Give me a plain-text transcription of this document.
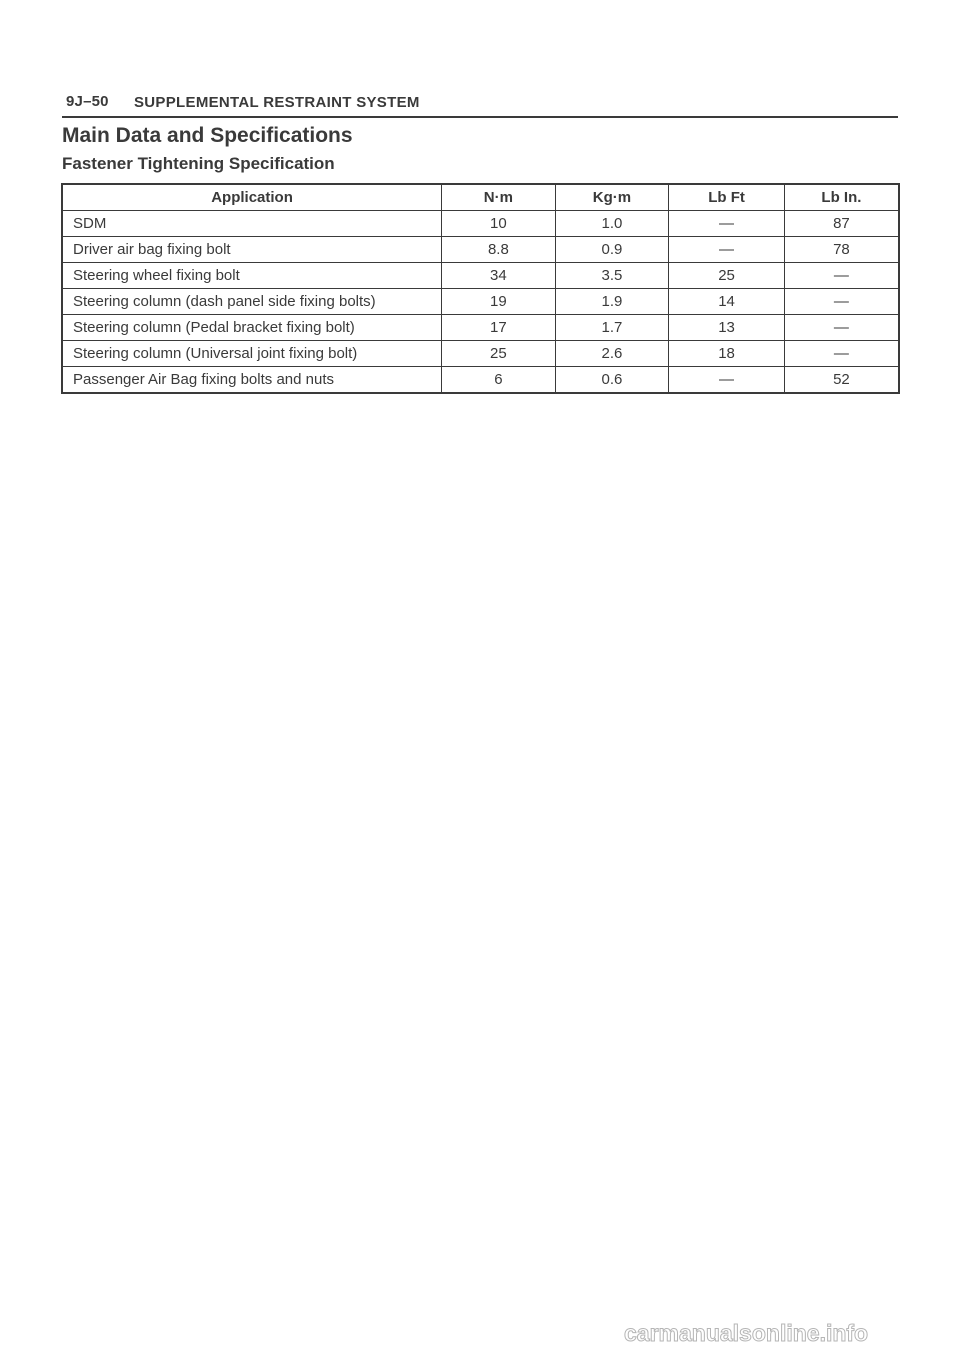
9J–50 SUPPLEMENTAL RESTRAINT SYSTEM
Main Data and Specifications
Fastener Tightening Specification
Application	N·m	Kg·m	Lb Ft	Lb In.
SDM	10	1.0	—	87
Driver air bag fixing bolt	8.8	0.9	—	78
Steering wheel fixing bolt	34	3.5	25	—
Steering column (dash panel side fixing bolts)	19	1.9	14	—
Steering column (Pedal bracket fixing bolt)	17	1.7	13	—
Steering column (Universal joint fixing bolt)	25	2.6	18	—
Passenger Air Bag fixing bolts and nuts	6	0.6	—	52
carmanualsonline.info
